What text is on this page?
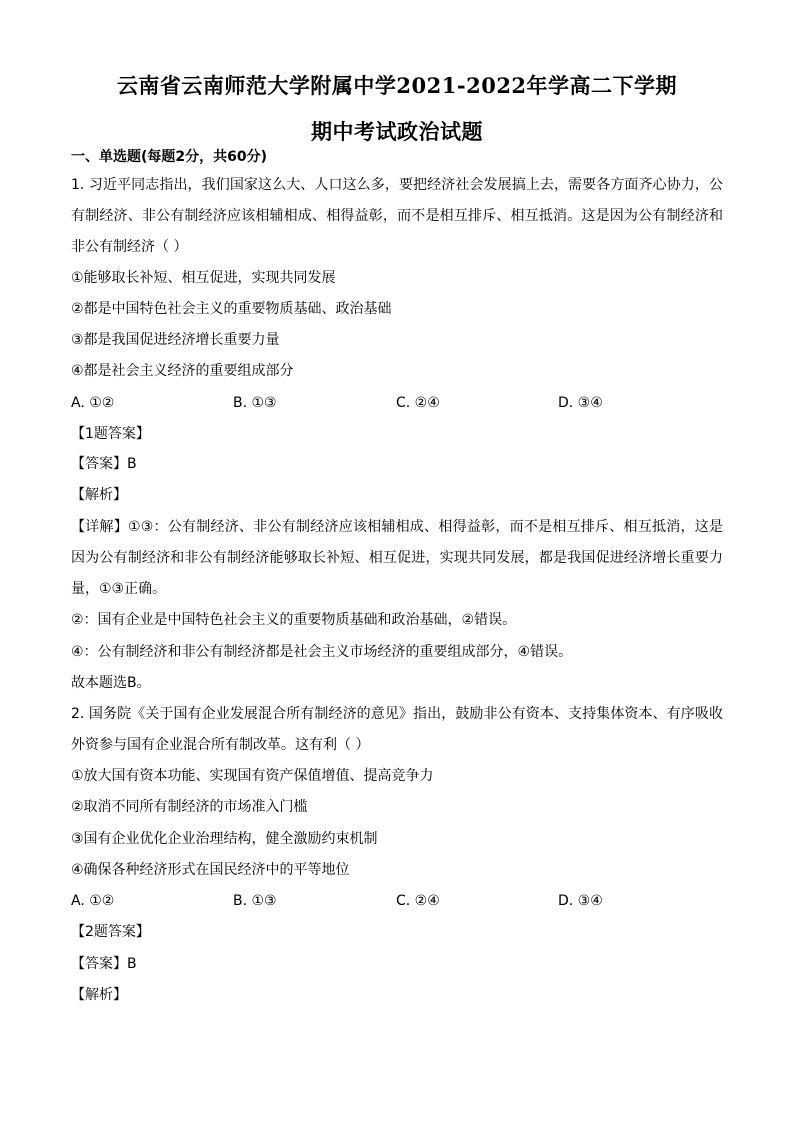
云南省云南师范大学附属中学2021-2022年学高二下学期
期中考试政治试题
一、单选题(每题2分，共60分)
1. 习近平同志指出，我们国家这么大、人口这么多，要把经济社会发展搞上去，需要各方面齐心协力，公
有制经济、非公有制经济应该相辅相成、相得益彰，而不是相互排斥、相互抵消。这是因为公有制经济和
非公有制经济（ ）
①能够取长补短、相互促进，实现共同发展
②都是中国特色社会主义的重要物质基础、政治基础
③都是我国促进经济增长重要力量
④都是社会主义经济的重要组成部分
A. ①②	B. ①③	C. ②④	D. ③④
【1题答案】
【答案】B
【解析】
【详解】①③：公有制经济、非公有制经济应该相辅相成、相得益彰，而不是相互排斥、相互抵消，这是
因为公有制经济和非公有制经济能够取长补短、相互促进，实现共同发展，都是我国促进经济增长重要力
量，①③正确。
②：国有企业是中国特色社会主义的重要物质基础和政治基础，②错误。
④：公有制经济和非公有制经济都是社会主义市场经济的重要组成部分，④错误。
故本题选B。
2. 国务院《关于国有企业发展混合所有制经济的意见》指出，鼓励非公有资本、支持集体资本、有序吸收
外资参与国有企业混合所有制改革。这有利（ ）
①放大国有资本功能、实现国有资产保值增值、提高竞争力
②取消不同所有制经济的市场准入门槛
③国有企业优化企业治理结构，健全激励约束机制
④确保各种经济形式在国民经济中的平等地位
A. ①②	B. ①③	C. ②④	D. ③④
【2题答案】
【答案】B
【解析】
